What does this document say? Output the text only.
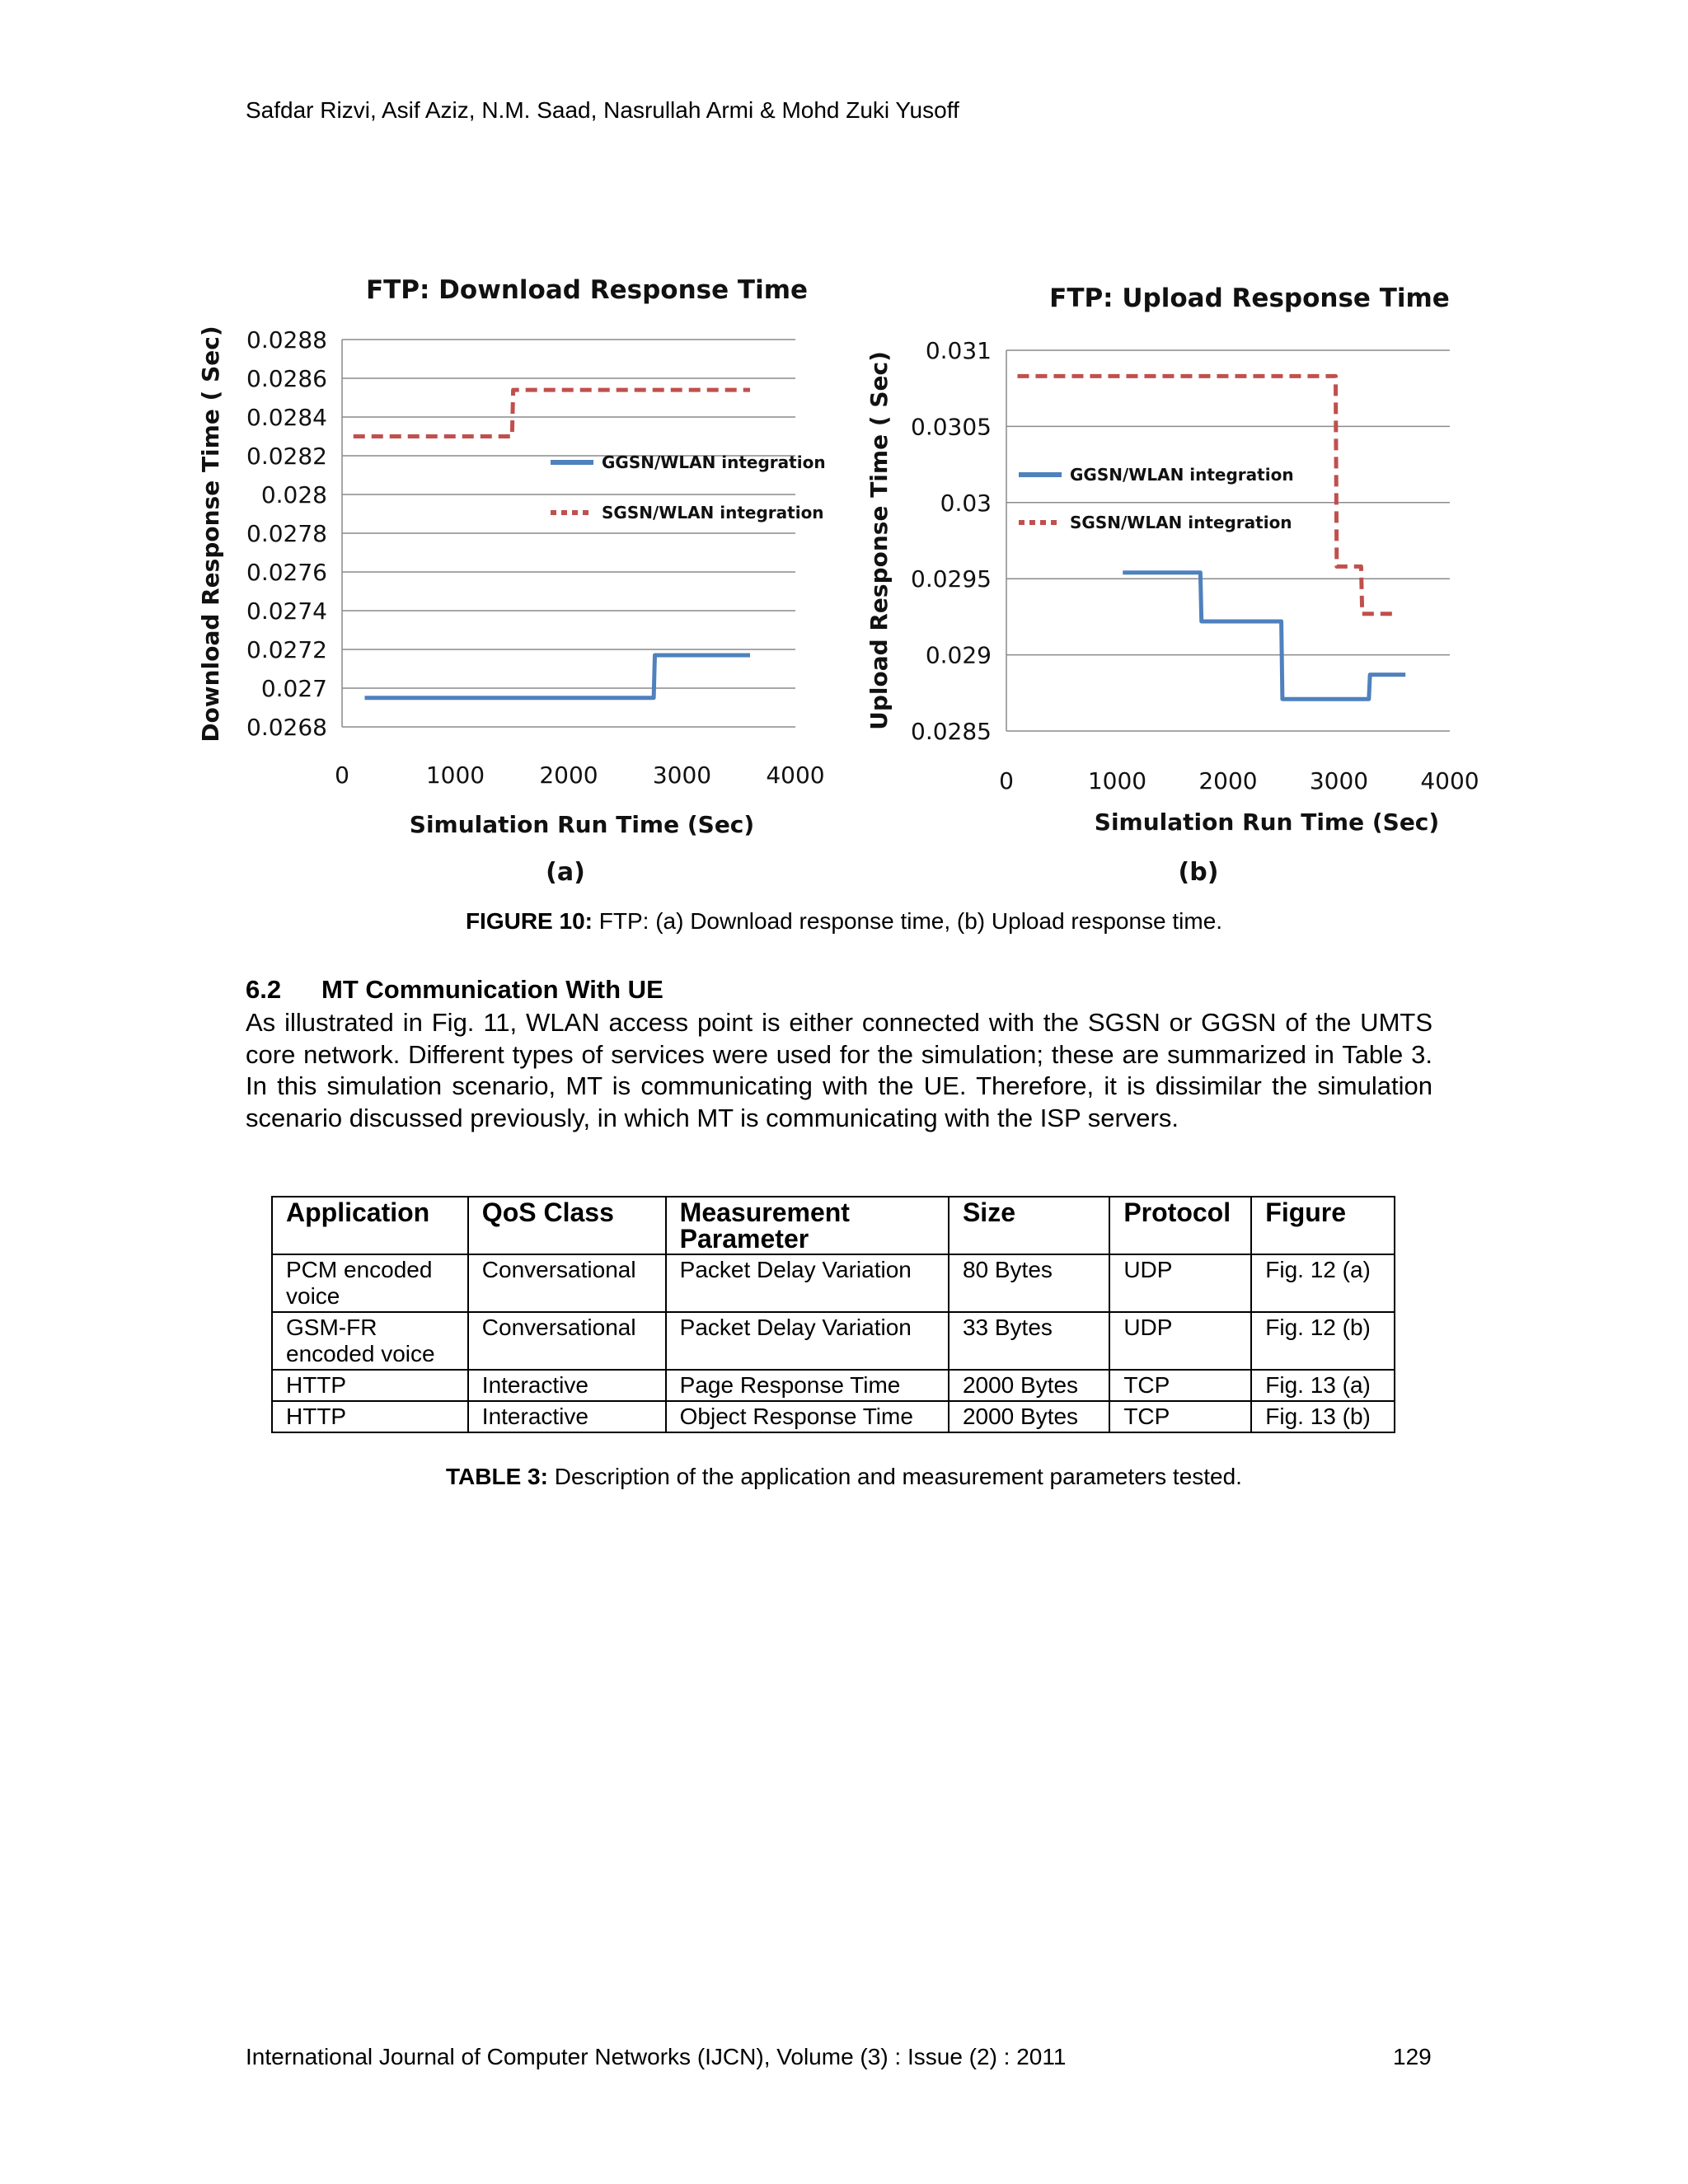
Safdar Rizvi, Asif Aziz, N.M. Saad, Nasrullah Armi & Mohd Zuki Yusoff
FTP: Download Response Time
0.0268
0.027
0.0272
0.0274
0.0276
0.0278
0.028
0.0282
0.0284
0.0286
0.0288
0	1000 2000 3000 4000
Simulation Run Time (Sec)
Download Response Time ( Sec)	GGSN/WLAN integration
SGSN/WLAN integration
(a)
FTP: Upload Response Time
0.0285
0.029
0.0295
0.03
0.0305
0.031
0	1000 2000 3000 4000
Simulation Run Time (Sec)
Upload Response Time ( Sec)	GGSN/WLAN integration
SGSN/WLAN integration
(b)
FIGURE 10: FTP: (a) Download response time, (b) Upload response time.
6.2 MT Communication With UE
As illustrated in Fig. 11, WLAN access point is either connected with the SGSN or GGSN of the UMTS core network. Different types of services were used for the simulation; these are summarized in Table 3. In this simulation scenario, MT is communicating with the UE. Therefore, it is dissimilar the simulation scenario discussed previously, in which MT is communicating with the ISP servers.
Application	QoS Class	Measurement Parameter	Size	Protocol	Figure
PCM encoded voice	Conversational	Packet Delay Variation	80 Bytes	UDP	Fig. 12 (a)
GSM-FR encoded voice	Conversational	Packet Delay Variation	33 Bytes	UDP	Fig. 12 (b)
HTTP	Interactive	Page Response Time	2000 Bytes	TCP	Fig. 13 (a)
HTTP	Interactive	Object Response Time	2000 Bytes	TCP	Fig. 13 (b)
TABLE 3: Description of the application and measurement parameters tested.
International Journal of Computer Networks (IJCN), Volume (3) : Issue (2) : 2011	129
